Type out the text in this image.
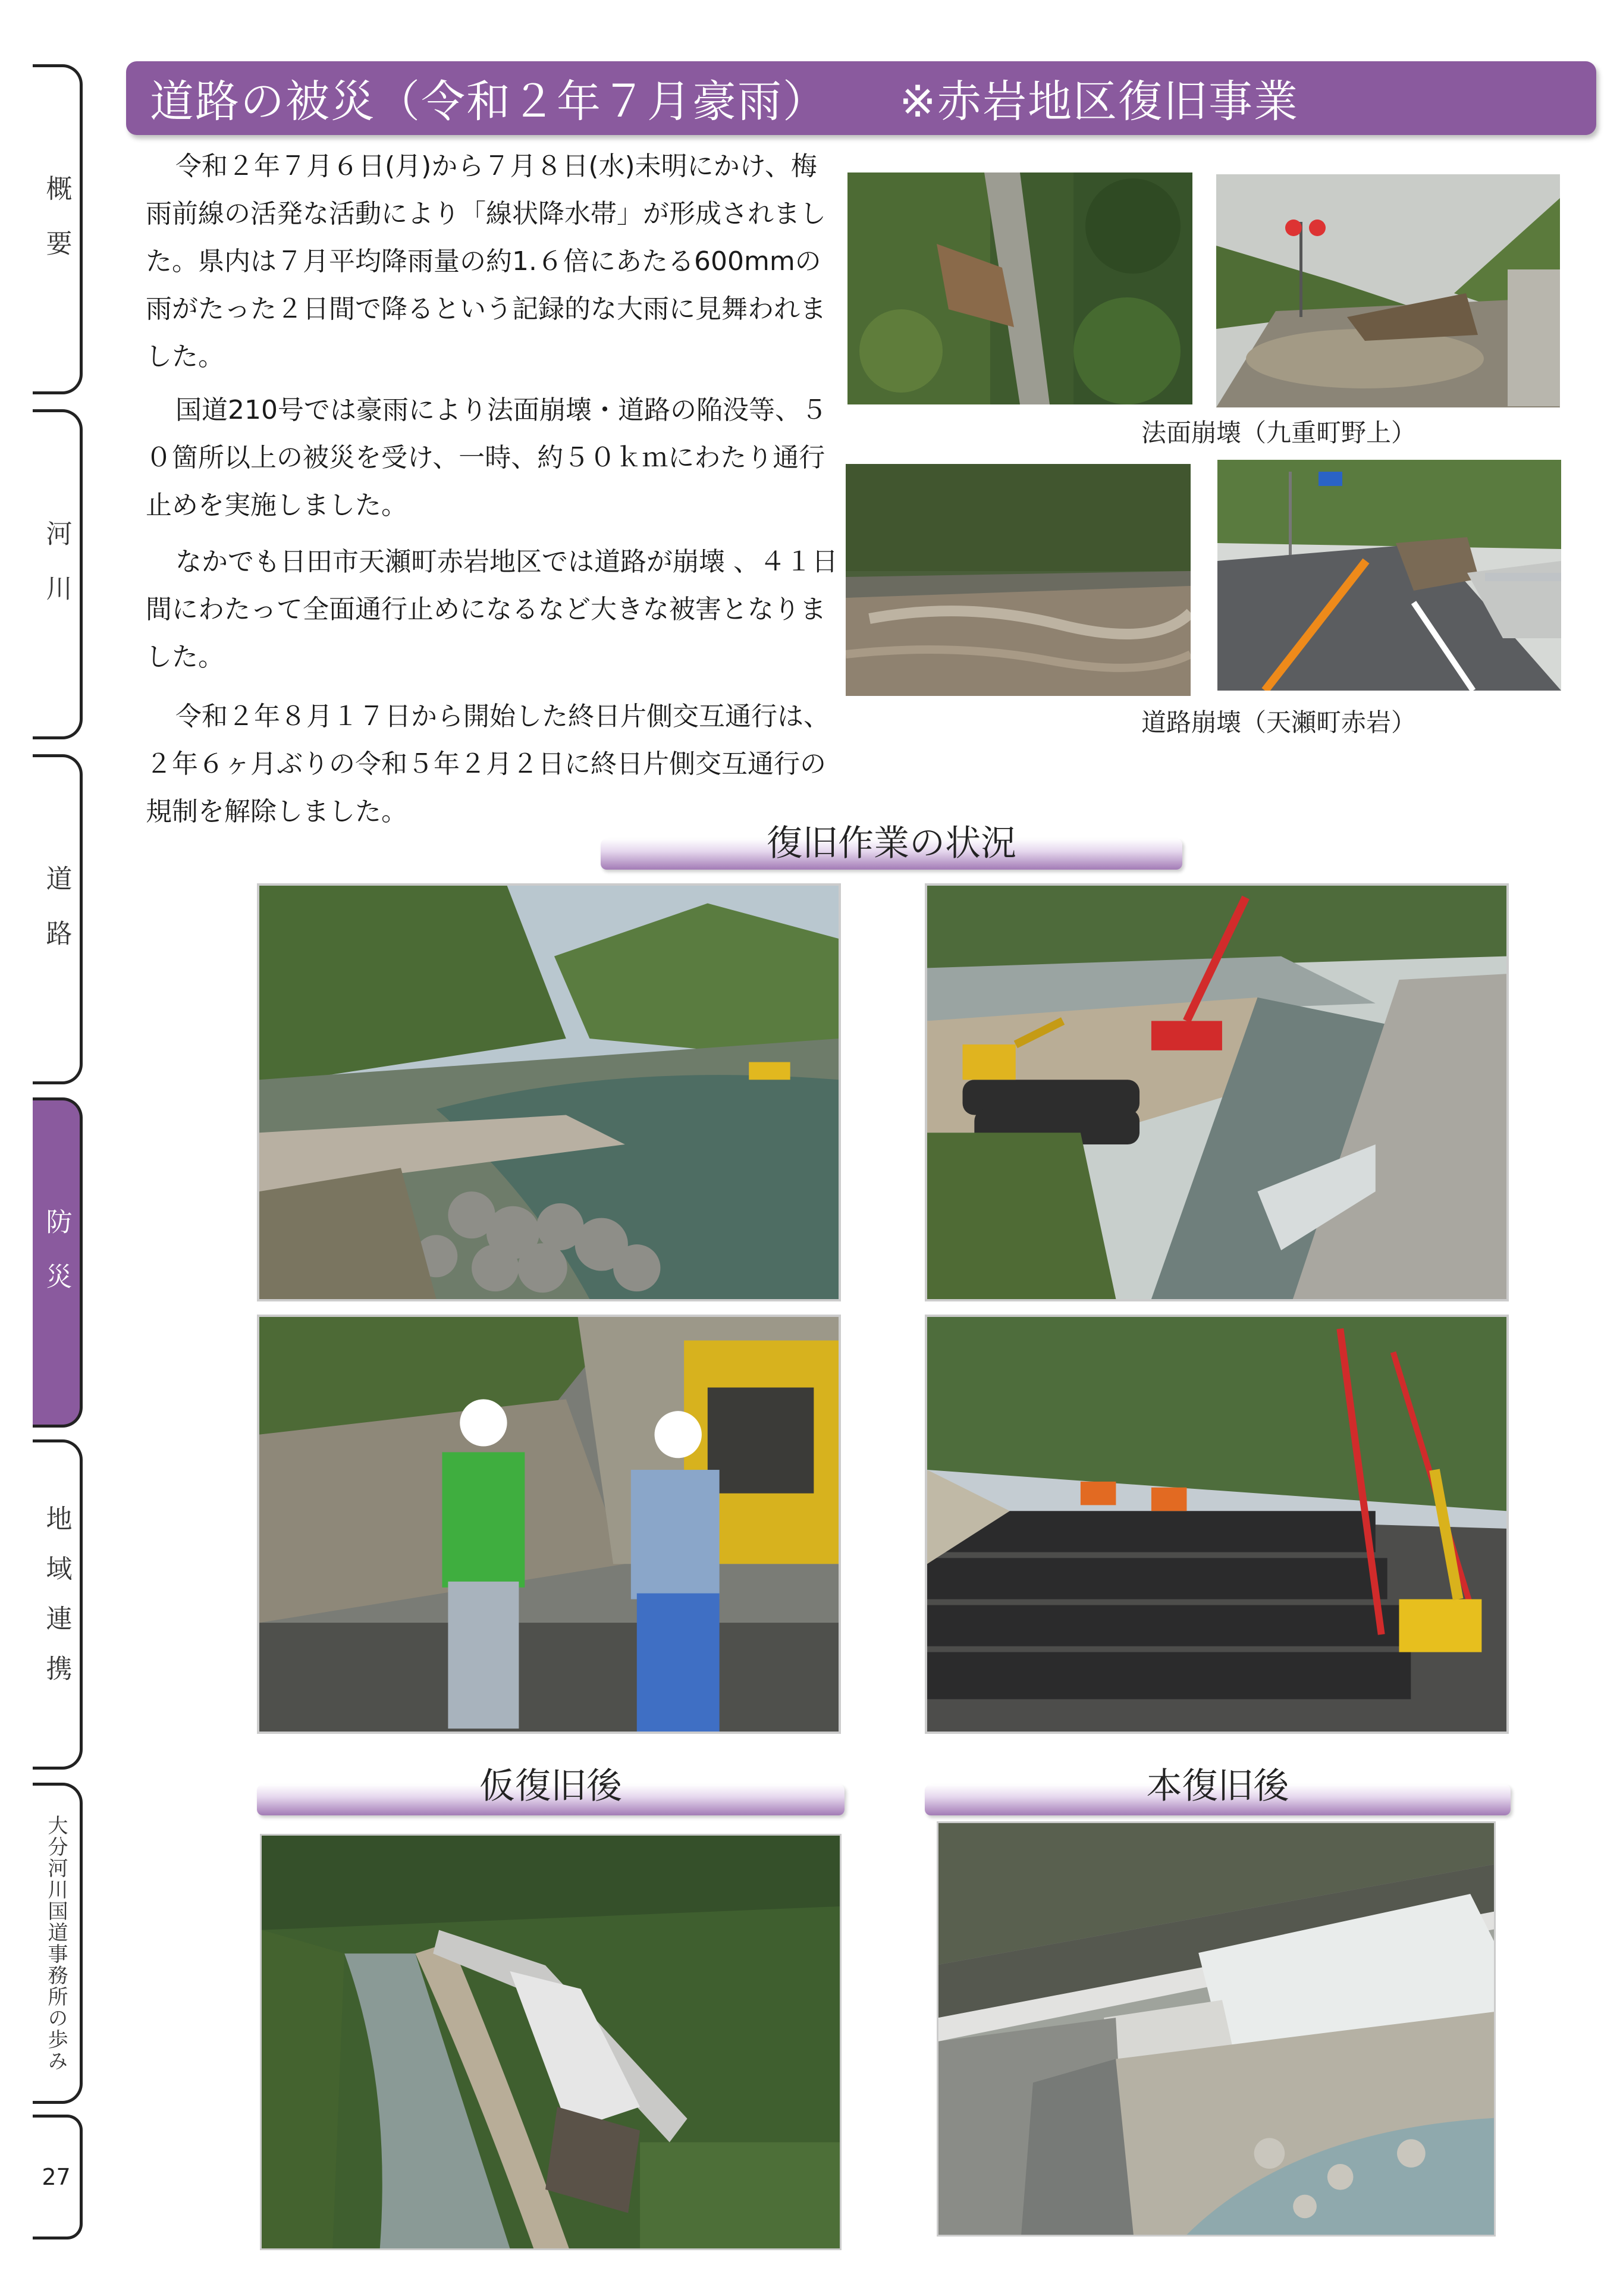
概要
河川
道路
防災
地域連携
大分河川国道事務所の歩み
27
道路の被災（令和２年７月豪雨） ※赤岩地区復旧事業

令和２年７月６日(月)から７月８日(水)未明にかけ、梅雨前線の活発な活動により「線状降水帯」が形成されました。県内は７月平均降雨量の約1.６倍にあたる600mmの雨がたった２日間で降るという記録的な大雨に見舞われました。

国道210号では豪雨により法面崩壊・道路の陥没等、５０箇所以上の被災を受け、一時、約５０ｋｍにわたり通行止めを実施しました。

なかでも日田市天瀬町赤岩地区では道路が崩壊 、４１日間にわたって全面通行止めになるなど大きな被害となりました。

令和２年８月１７日から開始した終日片側交互通行は、２年６ヶ月ぶりの令和５年２月２日に終日片側交互通行の規制を解除しました。

法面崩壊（九重町野上）
道路崩壊（天瀬町赤岩）
復旧作業の状況
仮復旧後	本復旧後
